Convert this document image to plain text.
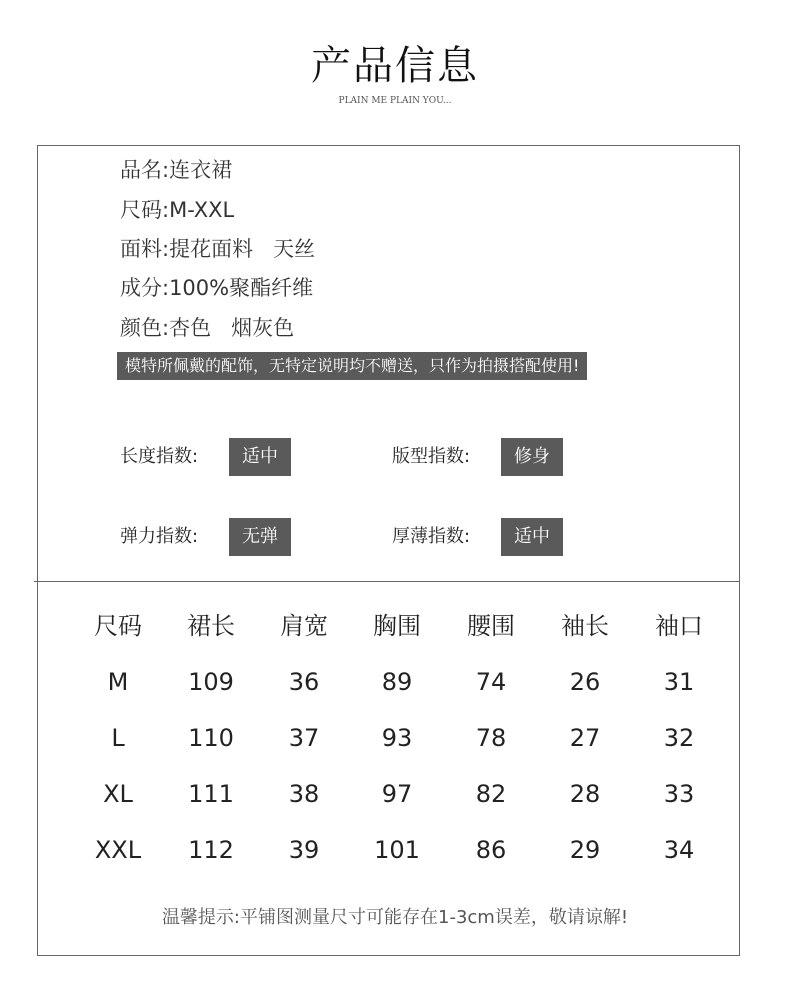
产品信息
PLAIN ME PLAIN YOU...
品名:连衣裙
尺码:M-XXL
面料:提花面料   天丝
成分:100%聚酯纤维
颜色:杏色   烟灰色
模特所佩戴的配饰，无特定说明均不赠送，只作为拍摄搭配使用!
长度指数:	适中	版型指数:	修身
弹力指数:	无弹	厚薄指数:	适中
尺码	裙长	肩宽	胸围	腰围	袖长	袖口
M	109	36	89	74	26	31
L	110	37	93	78	27	32
XL	111	38	97	82	28	33
XXL	112	39	101	86	29	34
温馨提示:平铺图测量尺寸可能存在1-3cm误差，敬请谅解!
